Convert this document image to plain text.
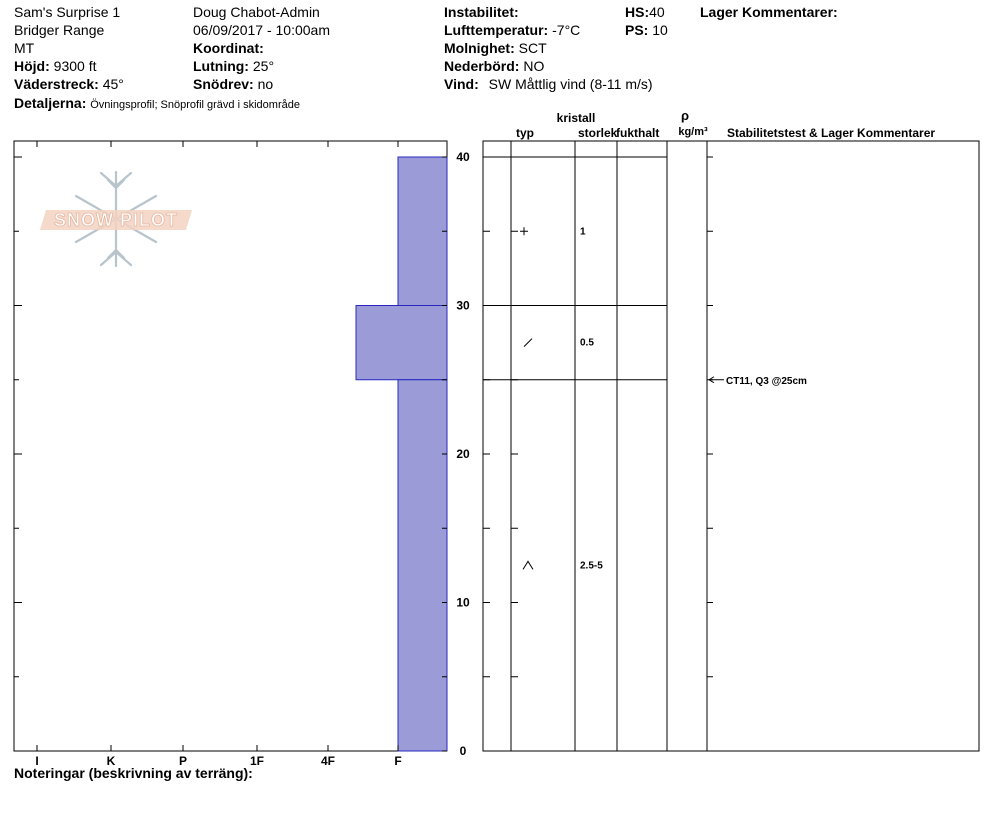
Sam's Surprise 1
Bridger Range
MT
Höjd: 9300 ft
Väderstreck: 45°
Detaljerna: Övningsprofil; Snöprofil grävd i skidområde
Doug Chabot-Admin
06/09/2017 - 10:00am
Koordinat:
Lutning: 25°
Snödrev: no
Instabilitet:
Lufttemperatur: -7°C
Molnighet: SCT
Nederbörd: NO
Vind: SW Måttlig vind (8-11 m/s)
HS:40
PS: 10
Lager Kommentarer:
SNOW PILOT
I	K	P	1F	4F	F
0
10
20
30
40
1
0.5
2.5-5
CT11, Q3 @25cm
typ
kristall
storlek
fukthalt
ρ
kg/m³ Stabilitetstest & Lager Kommentarer
Noteringar (beskrivning av terräng):
